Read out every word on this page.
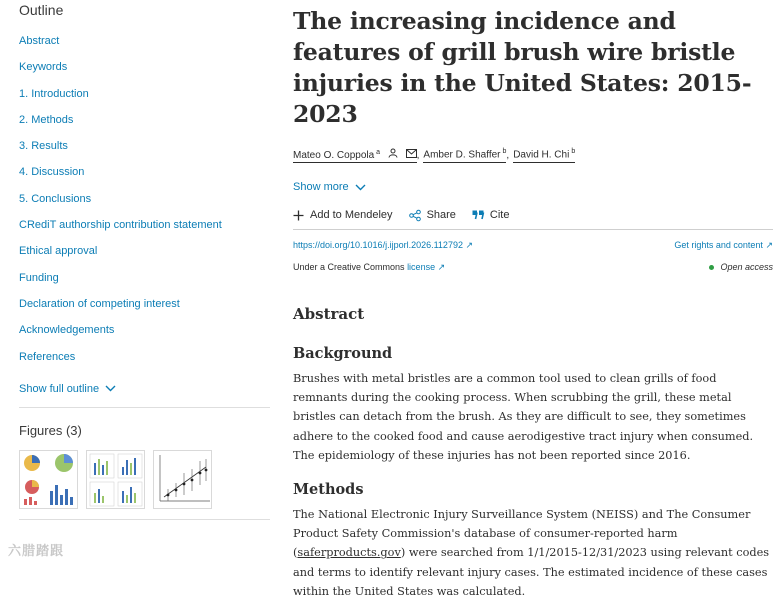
Outline
Abstract
Keywords
1. Introduction
2. Methods
3. Results
4. Discussion
5. Conclusions
CRediT authorship contribution statement
Ethical approval
Funding
Declaration of competing interest
Acknowledgements
References
Show full outline
Figures (3)
六腊踏跟
The increasing incidence and features of grill brush wire bristle injuries in the United States: 2015-2023
Mateo O. Coppola $^a$
	, Amber D. Shaffer $^b$ , David H. Chi $^b$
Show more
Add to Mendeley	Share	Cite
https://doi.org/10.1016/j.ijporl.2026.112792 ↗	Get rights and content ↗
Under a Creative Commons license ↗	Open access
Abstract
Background

Brushes with metal bristles are a common tool used to clean grills of food remnants during the cooking process. When scrubbing the grill, these metal bristles can detach from the brush. As they are difficult to see, they sometimes adhere to the cooked food and cause aerodigestive tract injury when consumed. The epidemiology of these injuries has not been reported since 2016.

Methods

The National Electronic Injury Surveillance System (NEISS) and The Consumer Product Safety Commission's database of consumer-reported harm (saferproducts.gov) were searched from 1/1/2015-12/31/2023 using relevant codes and terms to identify relevant injury cases. The estimated incidence of these cases within the United States was calculated.
